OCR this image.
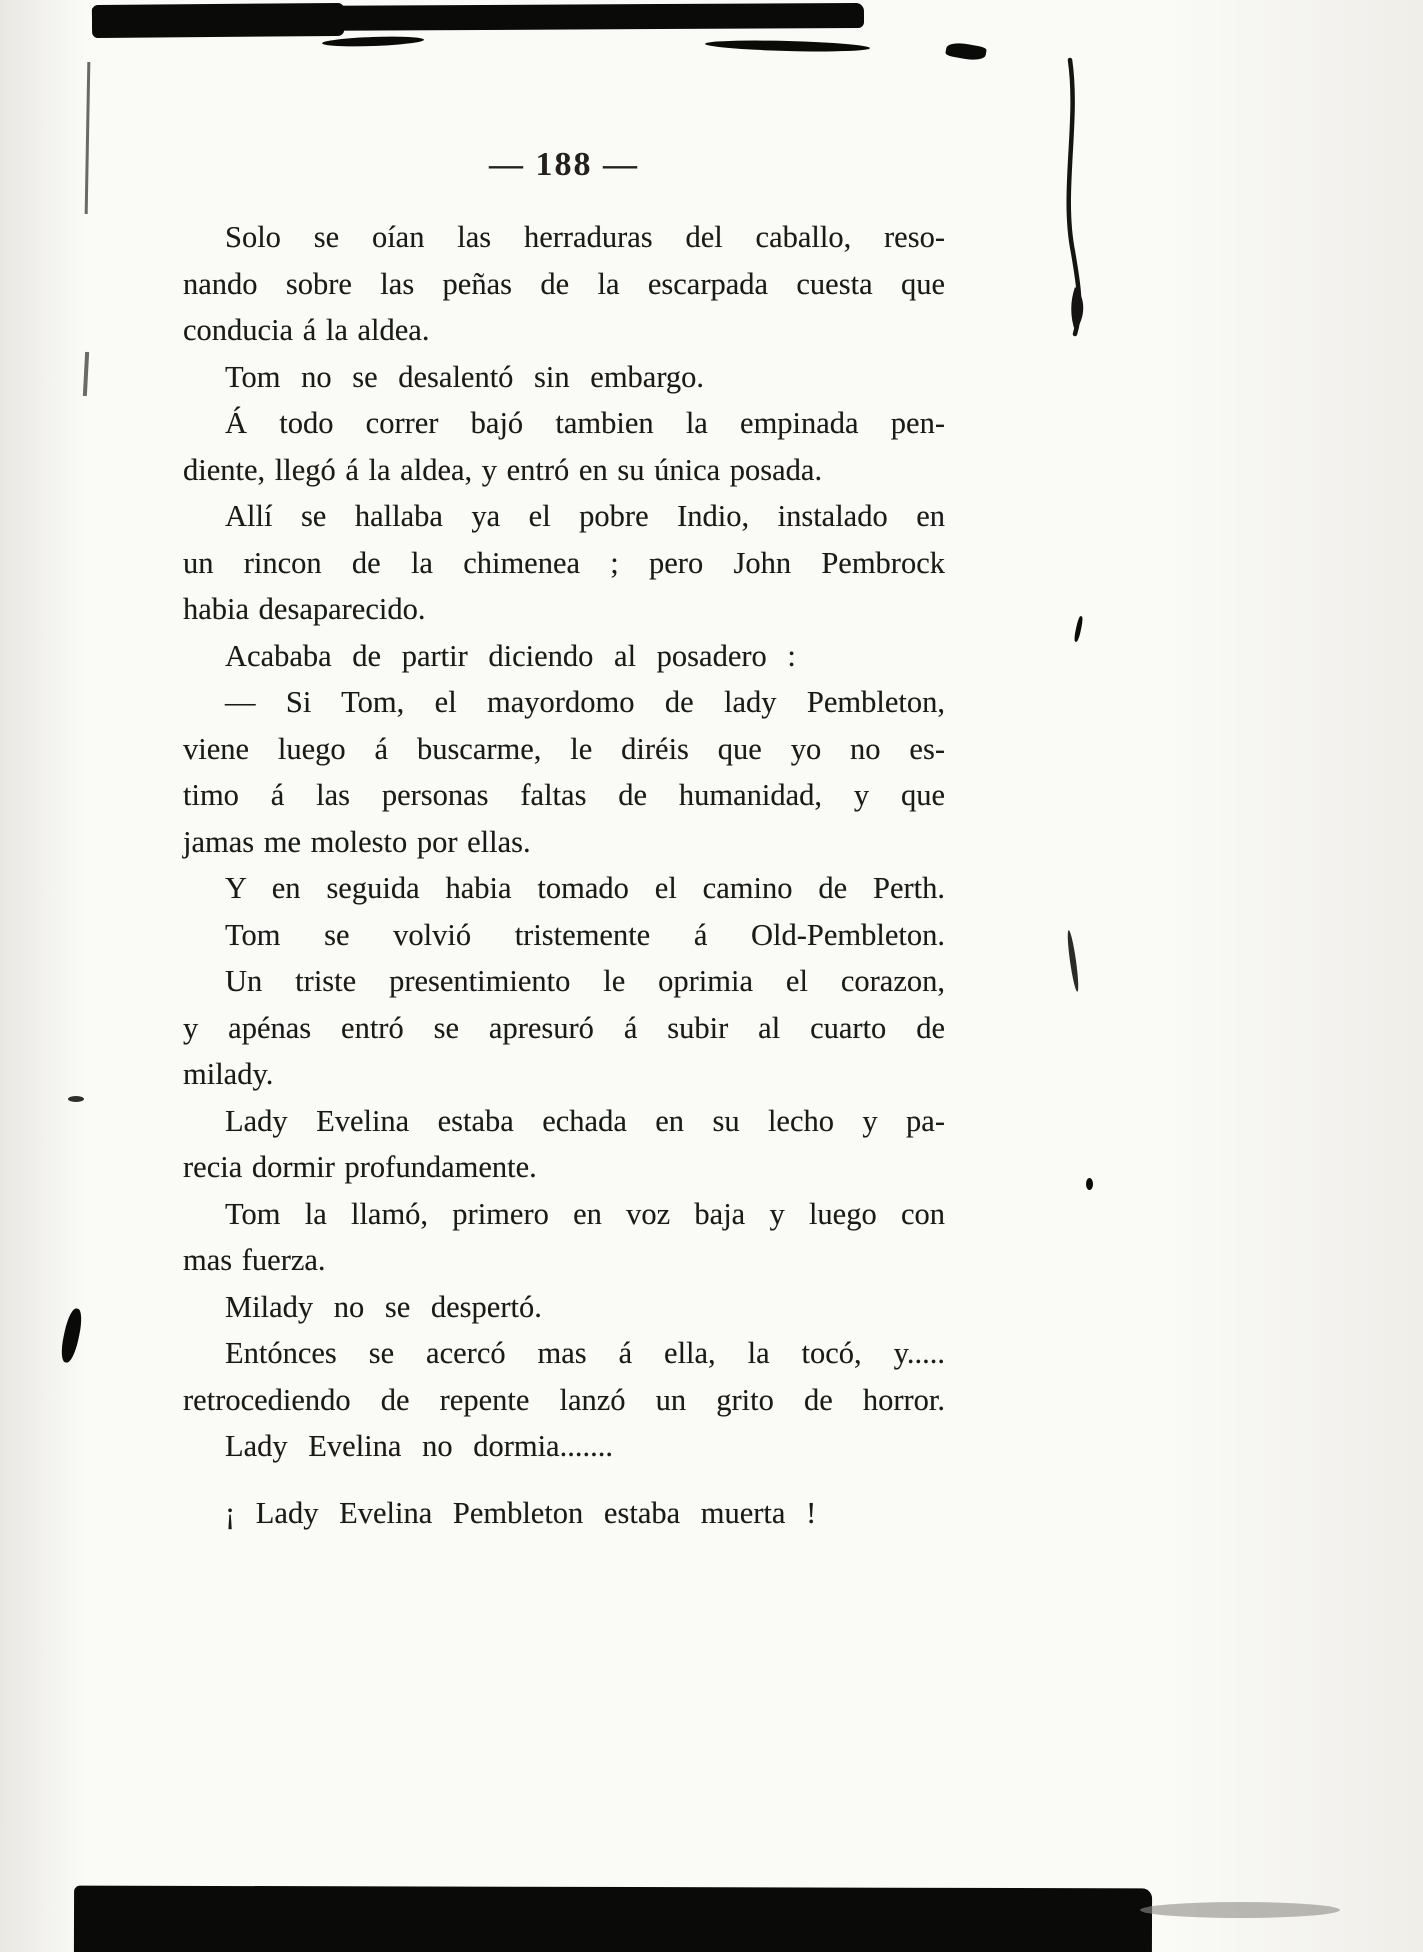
— 188 —
Solo se oían las herraduras del caballo, reso-
nando sobre las peñas de la escarpada cuesta que
conducia á la aldea.
Tom no se desalentó sin embargo.
Á todo correr bajó tambien la empinada pen-
diente, llegó á la aldea, y entró en su única posada.
Allí se hallaba ya el pobre Indio, instalado en
un rincon de la chimenea ; pero John Pembrock
habia desaparecido.
Acababa de partir diciendo al posadero :
— Si Tom, el mayordomo de lady Pembleton,
viene luego á buscarme, le diréis que yo no es-
timo á las personas faltas de humanidad, y que
jamas me molesto por ellas.
Y en seguida habia tomado el camino de Perth.
Tom se volvió tristemente á Old-Pembleton.
Un triste presentimiento le oprimia el corazon,
y apénas entró se apresuró á subir al cuarto de
milady.
Lady Evelina estaba echada en su lecho y pa-
recia dormir profundamente.
Tom la llamó, primero en voz baja y luego con
mas fuerza.
Milady no se despertó.
Entónces se acercó mas á ella, la tocó, y.....
retrocediendo de repente lanzó un grito de horror.
Lady Evelina no dormia.......
¡ Lady Evelina Pembleton estaba muerta !
